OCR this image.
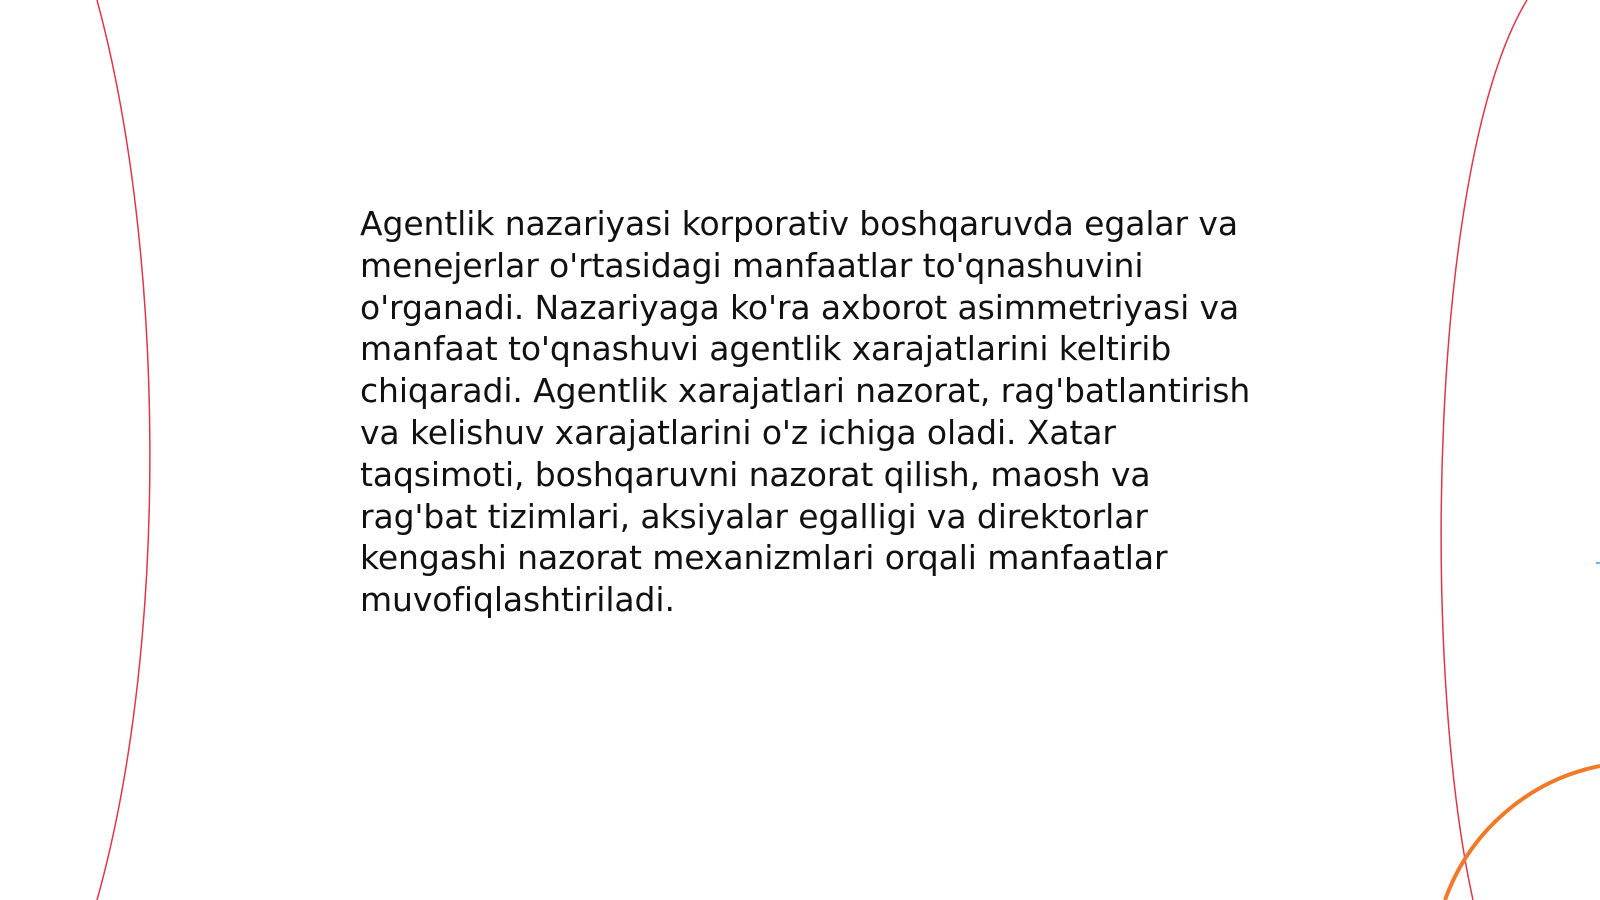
Agentlik nazariyasi korporativ boshqaruvda egalar va
menejerlar o'rtasidagi manfaatlar to'qnashuvini
o'rganadi. Nazariyaga ko'ra axborot asimmetriyasi va
manfaat to'qnashuvi agentlik xarajatlarini keltirib
chiqaradi. Agentlik xarajatlari nazorat, rag'batlantirish
va kelishuv xarajatlarini o'z ichiga oladi. Xatar
taqsimoti, boshqaruvni nazorat qilish, maosh va
rag'bat tizimlari, aksiyalar egalligi va direktorlar
kengashi nazorat mexanizmlari orqali manfaatlar
muvofiqlashtiriladi.
